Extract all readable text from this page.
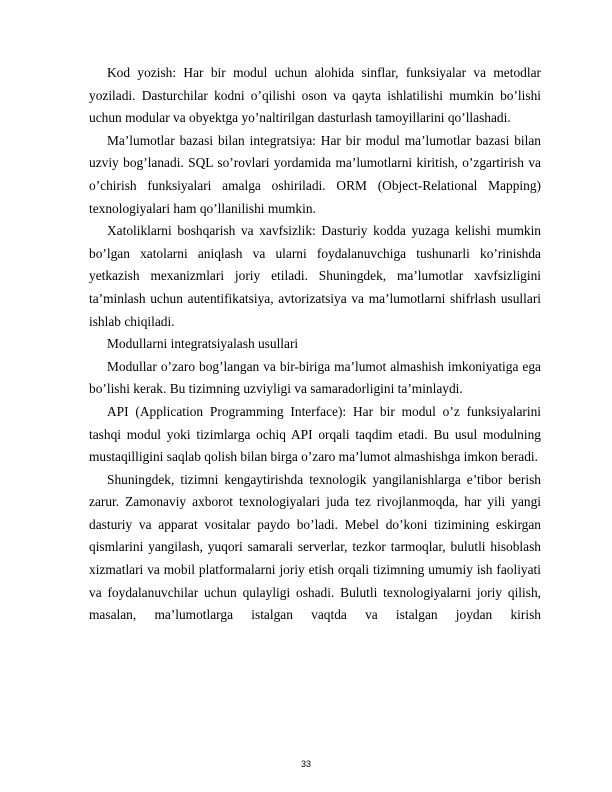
Kod yozish: Har bir modul uchun alohida sinflar, funksiyalar va metodlar yoziladi. Dasturchilar kodni o’qilishi oson va qayta ishlatilishi mumkin bo’lishi uchun modular va obyektga yo’naltirilgan dasturlash tamoyillarini qo’llashadi.

Ma’lumotlar bazasi bilan integratsiya: Har bir modul ma’lumotlar bazasi bilan uzviy bog’lanadi. SQL so’rovlari yordamida ma’lumotlarni kiritish, o’zgartirish va o’chirish funksiyalari amalga oshiriladi. ORM (Object-Relational Mapping) texnologiyalari ham qo’llanilishi mumkin.

Xatoliklarni boshqarish va xavfsizlik: Dasturiy kodda yuzaga kelishi mumkin bo’lgan xatolarni aniqlash va ularni foydalanuvchiga tushunarli ko’rinishda yetkazish mexanizmlari joriy etiladi. Shuningdek, ma’lumotlar xavfsizligini ta’minlash uchun autentifikatsiya, avtorizatsiya va ma’lumotlarni shifrlash usullari ishlab chiqiladi.

Modullarni integratsiyalash usullari

Modullar o’zaro bog’langan va bir-biriga ma’lumot almashish imkoniyatiga ega bo’lishi kerak. Bu tizimning uzviyligi va samaradorligini ta’minlaydi.

API (Application Programming Interface): Har bir modul o’z funksiyalarini tashqi modul yoki tizimlarga ochiq API orqali taqdim etadi. Bu usul modulning mustaqilligini saqlab qolish bilan birga o’zaro ma’lumot almashishga imkon beradi.

Shuningdek, tizimni kengaytirishda texnologik yangilanishlarga e’tibor berish zarur. Zamonaviy axborot texnologiyalari juda tez rivojlanmoqda, har yili yangi dasturiy va apparat vositalar paydo bo’ladi. Mebel do’koni tizimining eskirgan qismlarini yangilash, yuqori samarali serverlar, tezkor tarmoqlar, bulutli hisoblash xizmatlari va mobil platformalarni joriy etish orqali tizimning umumiy ish faoliyati va foydalanuvchilar uchun qulayligi oshadi. Bulutli texnologiyalarni joriy qilish, masalan, ma’lumotlarga istalgan vaqtda va istalgan joydan kirish

33
